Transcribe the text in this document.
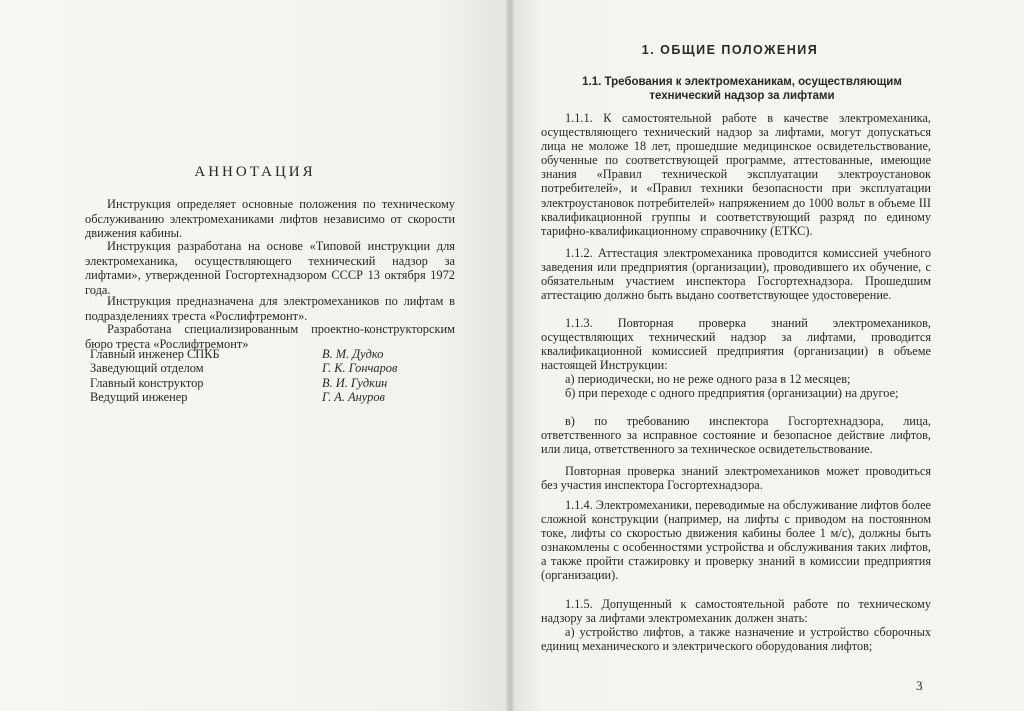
АННОТАЦИЯ

Инструкция определяет основные положения по техническому обслуживанию электромеханиками лифтов независимо от скорости движения кабины.

Инструкция разработана на основе «Типовой инструкции для электромеханика, осуществляющего технический надзор за лифтами», утвержденной Госгортехнадзором СССР 13 октября 1972 года.

Инструкция предназначена для электромехаников по лифтам в подразделениях треста «Рослифтремонт».

Разработана специализированным проектно-конструкторским бюро треста «Рослифтремонт»

Главный инженер СПКБ	В. М. Дудко
Заведующий отделом	Г. К. Гончаров
Главный конструктор	В. И. Гудкин
Ведущий инженер	Г. А. Ануров
1. ОБЩИЕ ПОЛОЖЕНИЯ
1.1. Требования к электромеханикам, осуществляющим технический надзор за лифтами

1.1.1. К самостоятельной работе в качестве электромеханика, осуществляющего технический надзор за лифтами, могут допускаться лица не моложе 18 лет, прошедшие медицинское освидетельствование, обученные по соответствующей программе, аттестованные, имеющие знания «Правил технической эксплуатации электроустановок потребителей», и «Правил техники безопасности при эксплуатации электроустановок потребителей» напряжением до 1000 вольт в объеме III квалификационной группы и соответствующий разряд по единому тарифно-квалификационному справочнику (ЕТКС).

1.1.2. Аттестация электромеханика проводится комиссией учебного заведения или предприятия (организации), проводившего их обучение, с обязательным участием инспектора Госгортехнадзора. Прошедшим аттестацию должно быть выдано соответствующее удостоверение.

1.1.3. Повторная проверка знаний электромехаников, осуществляющих технический надзор за лифтами, проводится квалификационной комиссией предприятия (организации) в объеме настоящей Инструкции:

а) периодически, но не реже одного раза в 12 месяцев;

б) при переходе с одного предприятия (организации) на другое;

в) по требованию инспектора Госгортехнадзора, лица, ответственного за исправное состояние и безопасное действие лифтов, или лица, ответственного за техническое освидетельствование.

Повторная проверка знаний электромехаников может проводиться без участия инспектора Госгортехнадзора.

1.1.4. Электромеханики, переводимые на обслуживание лифтов более сложной конструкции (например, на лифты с приводом на постоянном токе, лифты со скоростью движения кабины более 1 м/с), должны быть ознакомлены с особенностями устройства и обслуживания таких лифтов, а также пройти стажировку и проверку знаний в комиссии предприятия (организации).

1.1.5. Допущенный к самостоятельной работе по техническому надзору за лифтами электромеханик должен знать:

а) устройство лифтов, а также назначение и устройство сборочных единиц механического и электрического оборудования лифтов;

3
